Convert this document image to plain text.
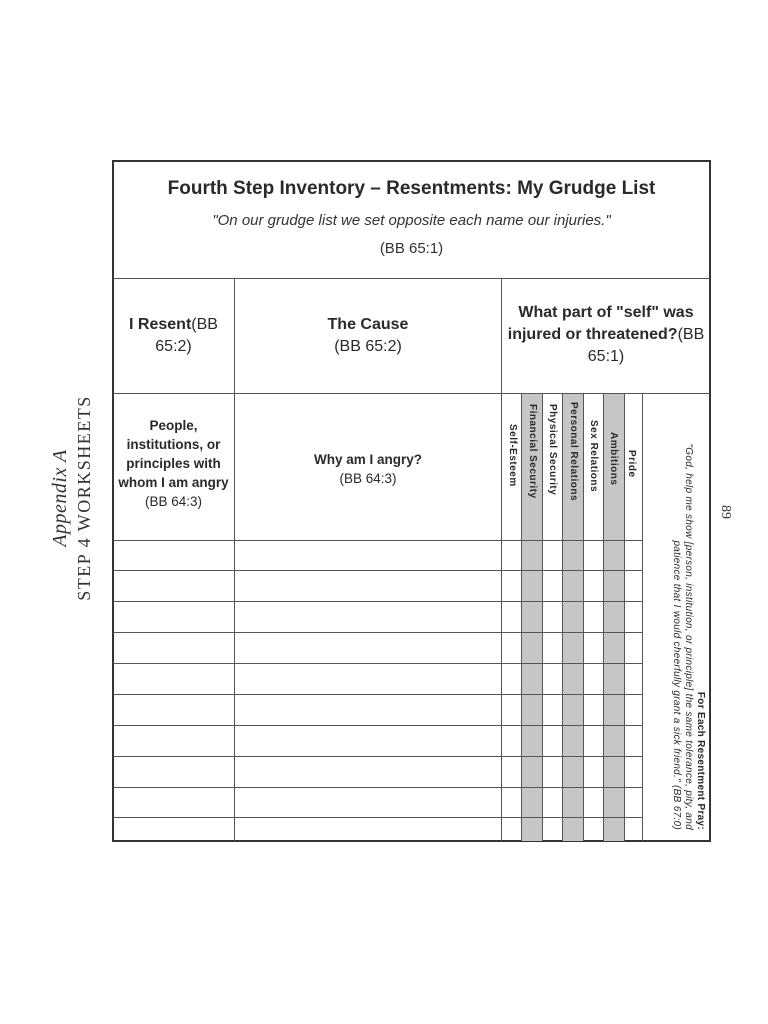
Appendix A STEP 4 WORKSHEETS	89
Fourth Step Inventory – Resentments: My Grudge List
"On our grudge list we set opposite each name our injuries."
(BB 65:1)
I Resent(BB
65:2)
The Cause
(BB 65:2)
What part of "self" was
injured or threatened?(BB
65:1)
People,
institutions, or
principles with
whom I am angry
(BB 64:3)
Why am I angry?
(BB 64:3)	Self-Esteem Financial Security Physical Security Personal Relations Sex Relations Ambitions Pride
For Each Resentment Pray:
"God, help me show [person, institution, or principle] the same tolerance, pity, and patience that I would cheerfully grant a sick friend." (BB 67:0)
